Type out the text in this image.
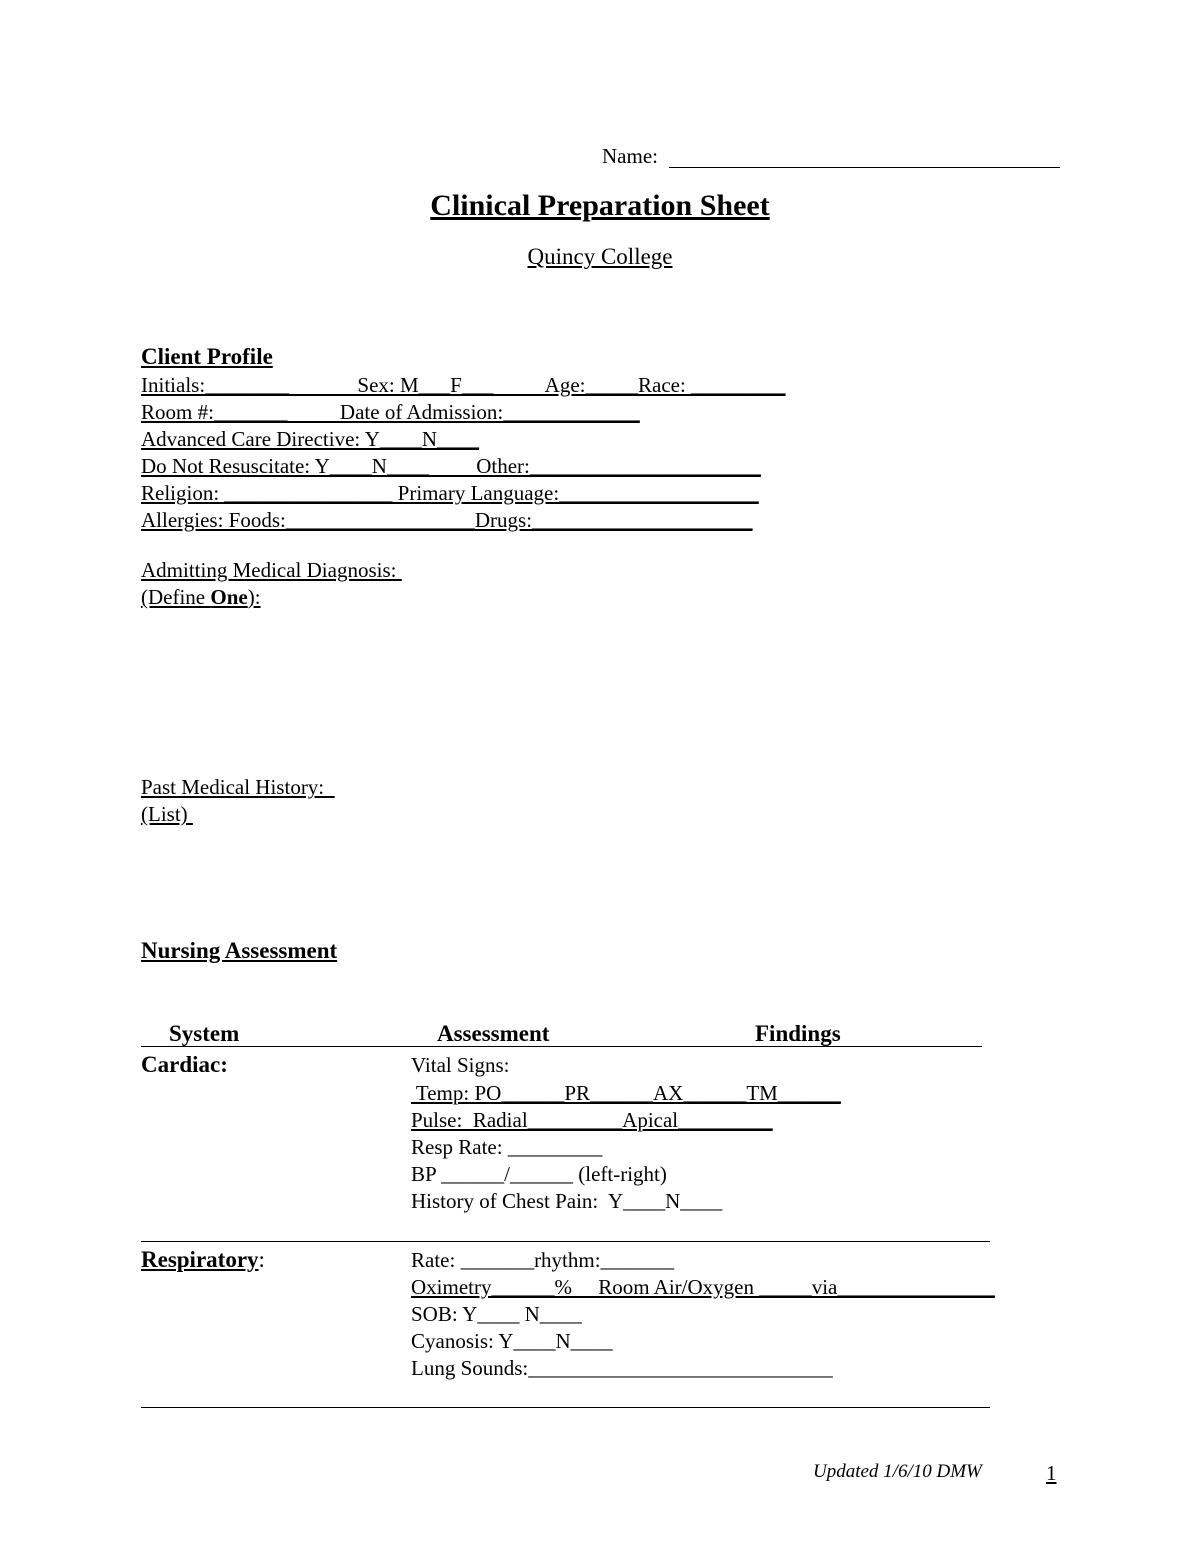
Name:
Clinical Preparation Sheet
Quincy College
Client Profile
Initials:________             Sex: M___F___          Age:_____Race: _________
Room #:_______          Date of Admission:_____________
Advanced Care Directive: Y____N____
Do Not Resuscitate: Y____N____         Other:______________________
Religion: ________________ Primary Language:___________________
Allergies: Foods:__________________Drugs:_____________________
Admitting Medical Diagnosis:
(Define One):
Past Medical History:
(List)
Nursing Assessment
System	Assessment	Findings
Cardiac:	Vital Signs:
Temp: PO______PR______AX______TM______
Pulse:  Radial_________Apical_________
Resp Rate: _________
BP ______/______ (left-right)
History of Chest Pain:  Y____N____
Respiratory:	Rate: _______rhythm:_______
Oximetry______%     Room Air/Oxygen _____via_______________
SOB: Y____ N____
Cyanosis: Y____N____
Lung Sounds:_____________________________
Updated 1/6/10 DMW	1
